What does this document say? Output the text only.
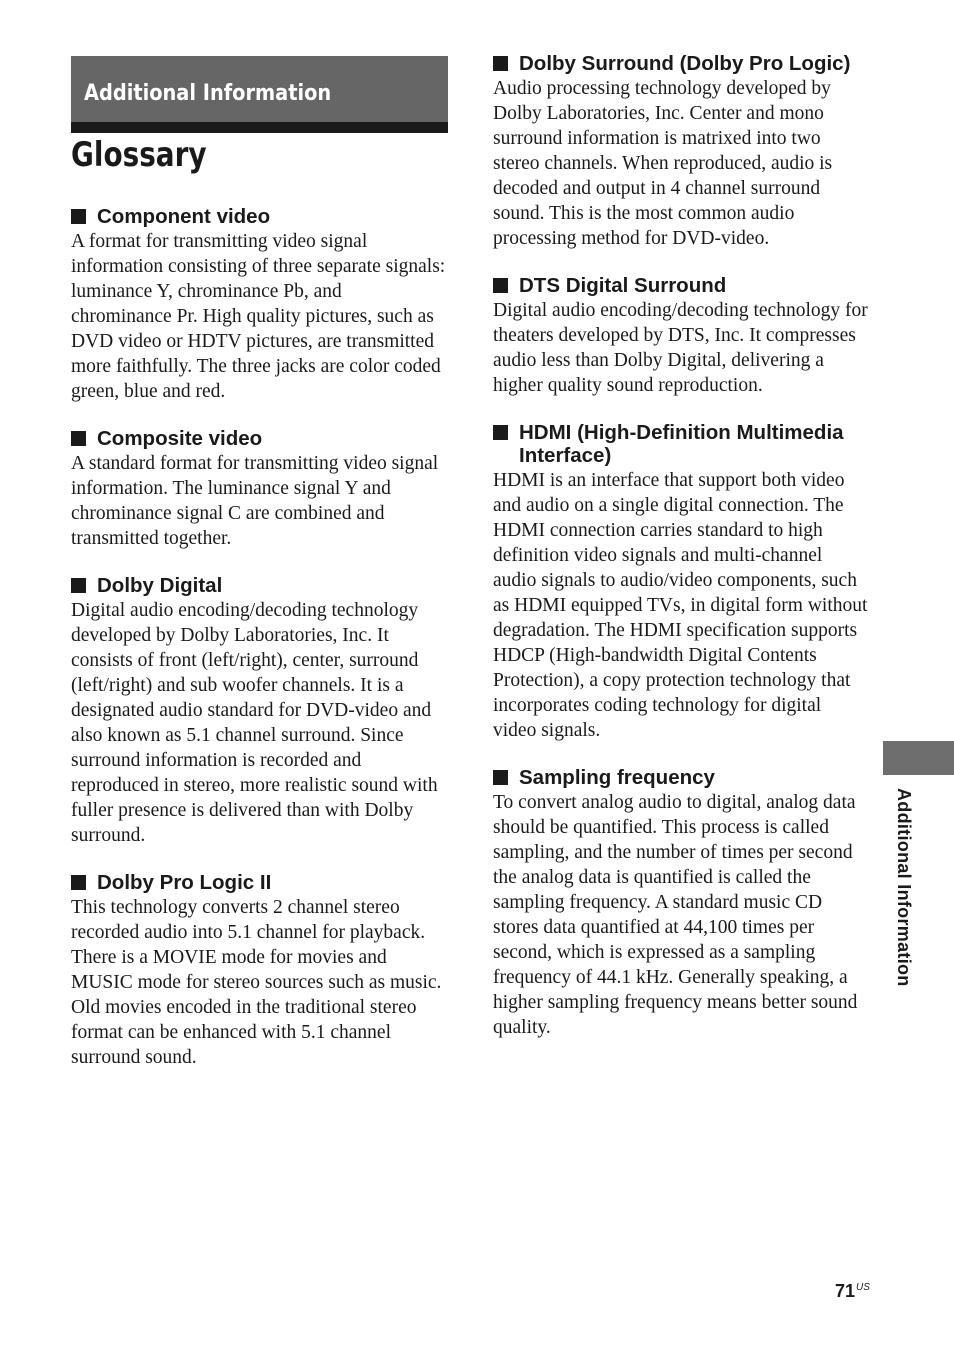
Additional Information
Glossary
Component video

A format for transmitting video signal information consisting of three separate signals: luminance Y, chrominance Pb, and chrominance Pr. High quality pictures, such as DVD video or HDTV pictures, are transmitted more faithfully. The three jacks are color coded green, blue and red.

Composite video

A standard format for transmitting video signal information. The luminance signal Y and chrominance signal C are combined and transmitted together.

Dolby Digital

Digital audio encoding/decoding technology developed by Dolby Laboratories, Inc. It consists of front (left/right), center, surround (left/right) and sub woofer channels. It is a designated audio standard for DVD-video and also known as 5.1 channel surround. Since surround information is recorded and reproduced in stereo, more realistic sound with fuller presence is delivered than with Dolby surround.

Dolby Pro Logic II

This technology converts 2 channel stereo recorded audio into 5.1 channel for playback. There is a MOVIE mode for movies and MUSIC mode for stereo sources such as music. Old movies encoded in the traditional stereo format can be enhanced with 5.1 channel surround sound.

Dolby Surround (Dolby Pro Logic)

Audio processing technology developed by Dolby Laboratories, Inc. Center and mono surround information is matrixed into two stereo channels. When reproduced, audio is decoded and output in 4 channel surround sound. This is the most common audio processing method for DVD-video.

DTS Digital Surround

Digital audio encoding/decoding technology for theaters developed by DTS, Inc. It compresses audio less than Dolby Digital, delivering a higher quality sound reproduction.

HDMI (High-Definition Multimedia Interface)

HDMI is an interface that support both video and audio on a single digital connection. The HDMI connection carries standard to high definition video signals and multi-channel audio signals to audio/video components, such as HDMI equipped TVs, in digital form without degradation. The HDMI specification supports HDCP (High-bandwidth Digital Contents Protection), a copy protection technology that incorporates coding technology for digital video signals.

Sampling frequency

To convert analog audio to digital, analog data should be quantified. This process is called sampling, and the number of times per second the analog data is quantified is called the sampling frequency. A standard music CD stores data quantified at 44,100 times per second, which is expressed as a sampling frequency of 44.1 kHz. Generally speaking, a higher sampling frequency means better sound quality.

Additional Information
$71^{US}$
